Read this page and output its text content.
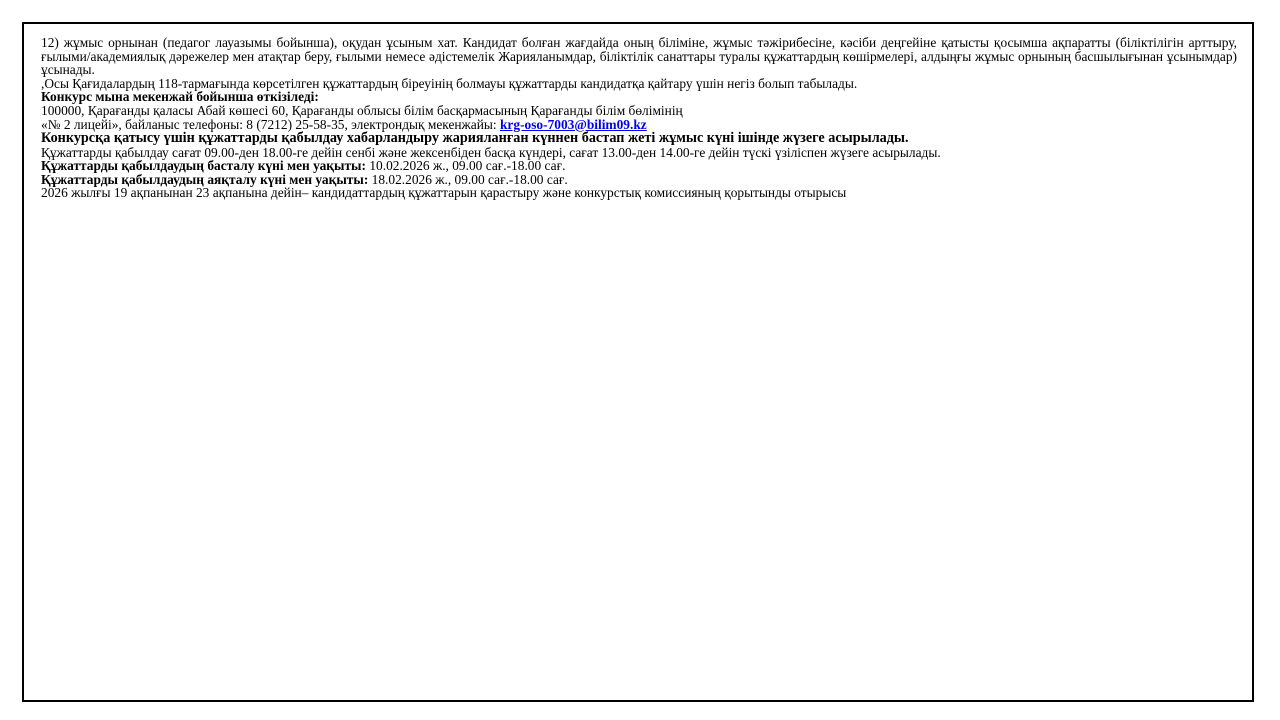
12) жұмыс орнынан (педагог лауазымы бойынша), оқудан ұсыным хат. Кандидат болған жағдайда оның біліміне, жұмыс тәжірибесіне, кәсіби деңгейіне қатысты қосымша ақпаратты (біліктілігін арттыру, ғылыми/академиялық дәрежелер мен атақтар беру, ғылыми немесе әдістемелік Жарияланымдар, біліктілік санаттары туралы құжаттардың көшірмелері, алдыңғы жұмыс орнының басшылығынан ұсынымдар) ұсынады.

,Осы Қағидалардың 118-тармағында көрсетілген құжаттардың біреуінің болмауы құжаттарды кандидатқа қайтару үшін негіз болып табылады.

Конкурс мына мекенжай бойынша өткізіледі:

100000, Қарағанды қаласы Абай көшесі 60, Қарағанды облысы білім басқармасының Қарағанды білім бөлімінің

«№ 2 лицейі», байланыс телефоны: 8 (7212) 25-58-35, электрондық мекенжайы: krg-oso-7003@bilim09.kz

Конкурсқа қатысу үшін құжаттарды қабылдау хабарландыру жарияланған күннен бастап жеті жұмыс күні ішінде жүзеге асырылады.

Құжаттарды қабылдау сағат 09.00-ден 18.00-ге дейін сенбі және жексенбіден басқа күндері, сағат 13.00-ден 14.00-ге дейін түскі үзіліспен жүзеге асырылады.

Құжаттарды қабылдаудың басталу күні мен уақыты: 10.02.2026 ж., 09.00 сағ.-18.00 сағ.

Құжаттарды қабылдаудың аяқталу күні мен уақыты: 18.02.2026 ж., 09.00 сағ.-18.00 сағ.

2026 жылғы 19 ақпанынан 23 ақпанына дейін– кандидаттардың құжаттарын қарастыру және конкурстық комиссияның қорытынды отырысы
